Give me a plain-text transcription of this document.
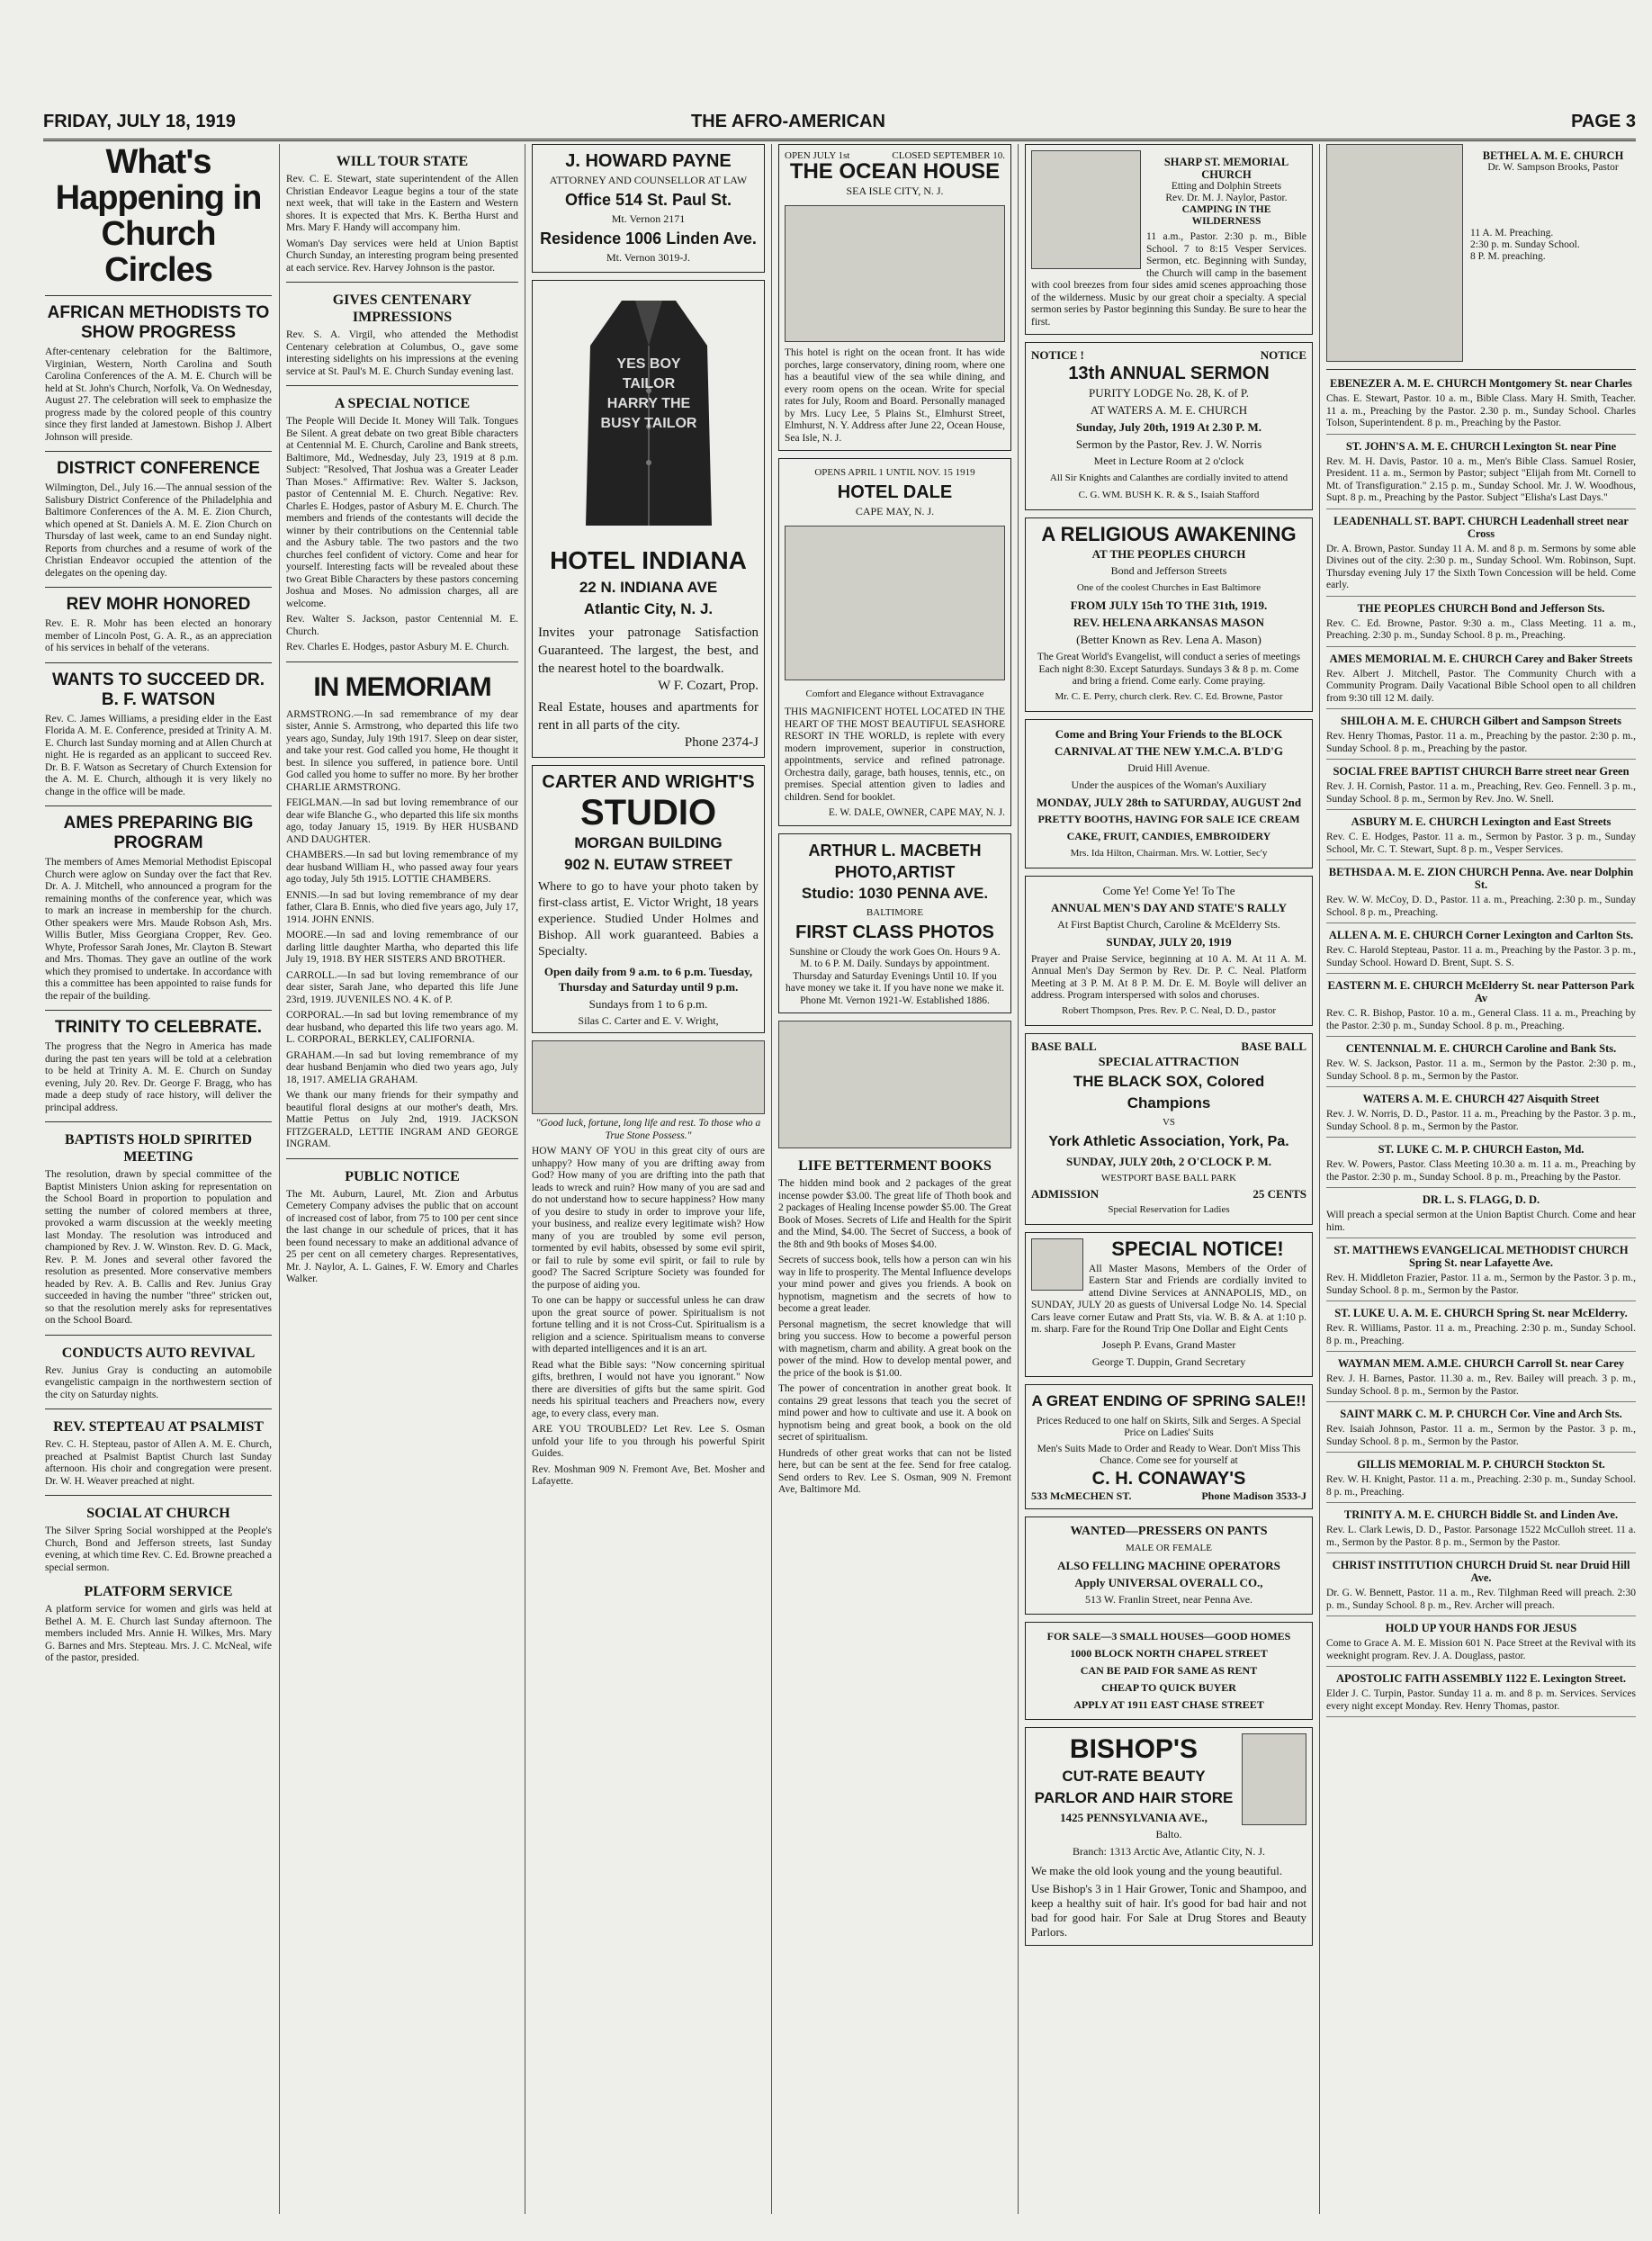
FRIDAY, JULY 18, 1919	THE AFRO-AMERICAN	PAGE 3
What's Happening in Church Circles
AFRICAN METHODISTS TO SHOW PROGRESS

After-centenary celebration for the Baltimore, Virginian, Western, North Carolina and South Carolina Conferences of the A. M. E. Church will be held at St. John's Church, Norfolk, Va. On Wednesday, August 27. The celebration will seek to emphasize the progress made by the colored people of this country since they first landed at Jamestown. Bishop J. Albert Johnson will preside.

DISTRICT CONFERENCE

Wilmington, Del., July 16.—The annual session of the Salisbury District Conference of the Philadelphia and Baltimore Conferences of the A. M. E. Zion Church, which opened at St. Daniels A. M. E. Zion Church on Thursday of last week, came to an end Sunday night. Reports from churches and a resume of work of the Christian Endeavor occupied the attention of the delegates on the opening day.

REV MOHR HONORED

Rev. E. R. Mohr has been elected an honorary member of Lincoln Post, G. A. R., as an appreciation of his services in behalf of the veterans.

WANTS TO SUCCEED DR. B. F. WATSON

Rev. C. James Williams, a presiding elder in the East Florida A. M. E. Conference, presided at Trinity A. M. E. Church last Sunday morning and at Allen Church at night. He is regarded as an applicant to succeed Rev. Dr. B. F. Watson as Secretary of Church Extension for the A. M. E. Church, although it is very likely no change in the office will be made.

AMES PREPARING BIG PROGRAM

The members of Ames Memorial Methodist Episcopal Church were aglow on Sunday over the fact that Rev. Dr. A. J. Mitchell, who announced a program for the remaining months of the conference year, which was to mark an increase in membership for the church. Other speakers were Mrs. Maude Robson Ash, Mrs. Willis Butler, Miss Georgiana Cropper, Rev. Geo. Whyte, Professor Sarah Jones, Mr. Clayton B. Stewart and Mrs. Thomas. They gave an outline of the work which they promised to undertake. In accordance with this a committee has been appointed to raise funds for the repair of the building.

TRINITY TO CELEBRATE.

The progress that the Negro in America has made during the past ten years will be told at a celebration to be held at Trinity A. M. E. Church on Sunday evening, July 20. Rev. Dr. George F. Bragg, who has made a deep study of race history, will deliver the principal address.

BAPTISTS HOLD SPIRITED MEETING

The resolution, drawn by special committee of the Baptist Ministers Union asking for representation on the School Board in proportion to population and setting the number of colored members at three, provoked a warm discussion at the weekly meeting last Monday. The resolution was introduced and championed by Rev. J. W. Winston. Rev. D. G. Mack, Rev. P. M. Jones and several other favored the resolution as presented. More conservative members headed by Rev. A. B. Callis and Rev. Junius Gray succeeded in having the number "three" stricken out, so that the resolution merely asks for representatives on the School Board.

CONDUCTS AUTO REVIVAL

Rev. Junius Gray is conducting an automobile evangelistic campaign in the northwestern section of the city on Saturday nights.

REV. STEPTEAU AT PSALMIST

Rev. C. H. Stepteau, pastor of Allen A. M. E. Church, preached at Psalmist Baptist Church last Sunday afternoon. His choir and congregation were present. Dr. W. H. Weaver preached at night.

SOCIAL AT CHURCH

The Silver Spring Social worshipped at the People's Church, Bond and Jefferson streets, last Sunday evening, at which time Rev. C. Ed. Browne preached a special sermon.

PLATFORM SERVICE

A platform service for women and girls was held at Bethel A. M. E. Church last Sunday afternoon. The members included Mrs. Annie H. Wilkes, Mrs. Mary G. Barnes and Mrs. Stepteau. Mrs. J. C. McNeal, wife of the pastor, presided.

WILL TOUR STATE

Rev. C. E. Stewart, state superintendent of the Allen Christian Endeavor League begins a tour of the state next week, that will take in the Eastern and Western shores. It is expected that Mrs. K. Bertha Hurst and Mrs. Mary F. Handy will accompany him.

Woman's Day services were held at Union Baptist Church Sunday, an interesting program being presented at each service. Rev. Harvey Johnson is the pastor.

GIVES CENTENARY IMPRESSIONS

Rev. S. A. Virgil, who attended the Methodist Centenary celebration at Columbus, O., gave some interesting sidelights on his impressions at the evening service at St. Paul's M. E. Church Sunday evening last.

A SPECIAL NOTICE

The People Will Decide It. Money Will Talk. Tongues Be Silent. A great debate on two great Bible characters at Centennial M. E. Church, Caroline and Bank streets, Baltimore, Md., Wednesday, July 23, 1919 at 8 p.m. Subject: "Resolved, That Joshua was a Greater Leader Than Moses." Affirmative: Rev. Walter S. Jackson, pastor of Centennial M. E. Church. Negative: Rev. Charles E. Hodges, pastor of Asbury M. E. Church. The members and friends of the contestants will decide the winner by their contributions on the Centennial table and the Asbury table. The two pastors and the two churches feel confident of victory. Come and hear for yourself. Interesting facts will be revealed about these two Great Bible Characters by these pastors concerning Joshua and Moses. No admission charges, all are welcome.

Rev. Walter S. Jackson, pastor Centennial M. E. Church.

Rev. Charles E. Hodges, pastor Asbury M. E. Church.

IN MEMORIAM

ARMSTRONG.—In sad remembrance of my dear sister, Annie S. Armstrong, who departed this life two years ago, Sunday, July 19th 1917. Sleep on dear sister, and take your rest. God called you home, He thought it best. In silence you suffered, in patience bore. Until God called you home to suffer no more. By her brother CHARLIE ARMSTRONG.

FEIGLMAN.—In sad but loving remembrance of our dear wife Blanche G., who departed this life six months ago, today January 15, 1919. By HER HUSBAND AND DAUGHTER.

CHAMBERS.—In sad but loving remembrance of my dear husband William H., who passed away four years ago today, July 5th 1915. LOTTIE CHAMBERS.

ENNIS.—In sad but loving remembrance of my dear father, Clara B. Ennis, who died five years ago, July 17, 1914. JOHN ENNIS.

MOORE.—In sad and loving remembrance of our darling little daughter Martha, who departed this life July 19, 1918. BY HER SISTERS AND BROTHER.

CARROLL.—In sad but loving remembrance of our dear sister, Sarah Jane, who departed this life June 23rd, 1919. JUVENILES NO. 4 K. of P.

CORPORAL.—In sad but loving remembrance of my dear husband, who departed this life two years ago. M. L. CORPORAL, BERKLEY, CALIFORNIA.

GRAHAM.—In sad but loving remembrance of my dear husband Benjamin who died two years ago, July 18, 1917. AMELIA GRAHAM.

We thank our many friends for their sympathy and beautiful floral designs at our mother's death, Mrs. Mattie Pettus on July 2nd, 1919. JACKSON FITZGERALD, LETTIE INGRAM AND GEORGE INGRAM.

PUBLIC NOTICE

The Mt. Auburn, Laurel, Mt. Zion and Arbutus Cemetery Company advises the public that on account of increased cost of labor, from 75 to 100 per cent since the last change in our schedule of prices, that it has been found necessary to make an additional advance of 25 per cent on all cemetery charges. Representatives, Mr. J. Naylor, A. L. Gaines, F. W. Emory and Charles Walker.

J. HOWARD PAYNE
ATTORNEY AND COUNSELLOR AT LAW
Office 514 St. Paul St.
Mt. Vernon 2171
Residence 1006 Linden Ave.
Mt. Vernon 3019-J.
YES BOY TAILOR HARRY THE BUSY TAILOR
HOTEL INDIANA
22 N. INDIANA AVE
Atlantic City, N. J.

Invites your patronage Satisfaction Guaranteed. The largest, the best, and the nearest hotel to the boardwalk.

W F. Cozart, Prop.

Real Estate, houses and apartments for rent in all parts of the city.

Phone 2374-J
CARTER AND WRIGHT'S
STUDIO
MORGAN BUILDING
902 N. EUTAW STREET

Where to go to have your photo taken by first-class artist, E. Victor Wright, 18 years experience. Studied Under Holmes and Bishop. All work guaranteed. Babies a Specialty.

Open daily from 9 a.m. to 6 p.m. Tuesday, Thursday and Saturday until 9 p.m.

Sundays from 1 to 6 p.m.

Silas C. Carter and E. V. Wright,

"Good luck, fortune, long life and rest. To those who a True Stone Possess."

HOW MANY OF YOU in this great city of ours are unhappy? How many of you are drifting away from God? How many of you are drifting into the path that leads to wreck and ruin? How many of you are sad and do not understand how to secure happiness? How many of you desire to study in order to improve your life, your business, and realize every legitimate wish? How many of you are troubled by some evil person, tormented by evil habits, obsessed by some evil spirit, or fail to rule by some evil spirit, or fail to rule by good? The Sacred Scripture Society was founded for the purpose of aiding you.

To one can be happy or successful unless he can draw upon the great source of power. Spiritualism is not fortune telling and it is not Cross-Cut. Spiritualism is a religion and a science. Spiritualism means to converse with departed intelligences and it is an art.

Read what the Bible says: "Now concerning spiritual gifts, brethren, I would not have you ignorant." Now there are diversities of gifts but the same spirit. God needs his spiritual teachers and Preachers now, every age, to every class, every man.

ARE YOU TROUBLED? Let Rev. Lee S. Osman unfold your life to you through his powerful Spirit Guides.

Rev. Moshman 909 N. Fremont Ave, Bet. Mosher and Lafayette.

OPEN JULY 1st	CLOSED SEPTEMBER 10.
THE OCEAN HOUSE
SEA ISLE CITY, N. J.

This hotel is right on the ocean front. It has wide porches, large conservatory, dining room, where one has a beautiful view of the sea while dining, and every room opens on the ocean. Write for special rates for July, Room and Board. Personally managed by Mrs. Lucy Lee, 5 Plains St., Elmhurst Street, Elmhurst, N. Y. Address after June 22, Ocean House, Sea Isle, N. J.

OPENS APRIL 1 UNTIL NOV. 15 1919
HOTEL DALE
CAPE MAY, N. J.
Comfort and Elegance without Extravagance

THIS MAGNIFICENT HOTEL LOCATED IN THE HEART OF THE MOST BEAUTIFUL SEASHORE RESORT IN THE WORLD, is replete with every modern improvement, superior in construction, appointments, service and refined patronage. Orchestra daily, garage, bath houses, tennis, etc., on premises. Special attention given to ladies and children. Send for booklet.

E. W. DALE, OWNER, CAPE MAY, N. J.

ARTHUR L. MACBETH
PHOTO,ARTIST
Studio: 1030 PENNA AVE.
BALTIMORE
FIRST CLASS PHOTOS

Sunshine or Cloudy the work Goes On. Hours 9 A. M. to 6 P. M. Daily. Sundays by appointment. Thursday and Saturday Evenings Until 10. If you have money we take it. If you have none we make it. Phone Mt. Vernon 1921-W. Established 1886.

LIFE BETTERMENT BOOKS

The hidden mind book and 2 packages of the great incense powder $3.00. The great life of Thoth book and 2 packages of Healing Incense powder $5.00. The Great Book of Moses. Secrets of Life and Health for the Spirit and the Mind, $4.00. The Secret of Success, a book of the 8th and 9th books of Moses $4.00.

Secrets of success book, tells how a person can win his way in life to prosperity. The Mental Influence develops your mind power and gives you friends. A book on hypnotism, magnetism and the secrets of how to become a great leader.

Personal magnetism, the secret knowledge that will bring you success. How to become a powerful person with magnetism, charm and ability. A great book on the power of the mind. How to develop mental power, and the price of the book is $1.00.

The power of concentration in another great book. It contains 29 great lessons that teach you the secret of mind power and how to cultivate and use it. A book on hypnotism being and great book, a book on the old secret of spiritualism.

Hundreds of other great works that can not be listed here, but can be sent at the fee. Send for free catalog. Send orders to Rev. Lee S. Osman, 909 N. Fremont Ave, Baltimore Md.

SHARP ST. MEMORIAL CHURCH
Etting and Dolphin Streets
Rev. Dr. M. J. Naylor, Pastor.
CAMPING IN THE WILDERNESS

11 a.m., Pastor. 2:30 p. m., Bible School. 7 to 8:15 Vesper Services. Sermon, etc. Beginning with Sunday, the Church will camp in the basement with cool breezes from four sides amid scenes approaching those of the wilderness. Music by our great choir a specialty. A special sermon series by Pastor beginning this Sunday. Be sure to hear the first.

NOTICE !	NOTICE
13th ANNUAL SERMON
PURITY LODGE No. 28, K. of P.
AT WATERS A. M. E. CHURCH
Sunday, July 20th, 1919 At 2.30 P. M.
Sermon by the Pastor, Rev. J. W. Norris
Meet in Lecture Room at 2 o'clock
All Sir Knights and Calanthes are cordially invited to attend
C. G. WM. BUSH K. R. & S., Isaiah Stafford
A RELIGIOUS AWAKENING
AT THE PEOPLES CHURCH
Bond and Jefferson Streets
One of the coolest Churches in East Baltimore
FROM JULY 15th TO THE 31th, 1919.
REV. HELENA ARKANSAS MASON
(Better Known as Rev. Lena A. Mason)

The Great World's Evangelist, will conduct a series of meetings Each night 8:30. Except Saturdays. Sundays 3 & 8 p. m. Come and bring a friend. Come early. Come praying.

Mr. C. E. Perry, church clerk. Rev. C. Ed. Browne, Pastor
Come and Bring Your Friends to the BLOCK CARNIVAL AT THE NEW Y.M.C.A. B'LD'G
Druid Hill Avenue.
Under the auspices of the Woman's Auxiliary
MONDAY, JULY 28th to SATURDAY, AUGUST 2nd
PRETTY BOOTHS, HAVING FOR SALE ICE CREAM CAKE, FRUIT, CANDIES, EMBROIDERY
Mrs. Ida Hilton, Chairman. Mrs. W. Lottier, Sec'y
Come Ye! Come Ye! To The
ANNUAL MEN'S DAY AND STATE'S RALLY
At First Baptist Church, Caroline & McElderry Sts.
SUNDAY, JULY 20, 1919

Prayer and Praise Service, beginning at 10 A. M. At 11 A. M. Annual Men's Day Sermon by Rev. Dr. P. C. Neal. Platform Meeting at 3 P. M. At 8 P. M. Dr. E. M. Boyle will deliver an address. Program interspersed with solos and choruses.

Robert Thompson, Pres. Rev. P. C. Neal, D. D., pastor
BASE BALL	BASE BALL
SPECIAL ATTRACTION
THE BLACK SOX, Colored Champions
VS
York Athletic Association, York, Pa.
SUNDAY, JULY 20th, 2 O'CLOCK P. M.
WESTPORT BASE BALL PARK
ADMISSION	25 CENTS
Special Reservation for Ladies
SPECIAL NOTICE!

All Master Masons, Members of the Order of Eastern Star and Friends are cordially invited to attend Divine Services at ANNAPOLIS, MD., on SUNDAY, JULY 20 as guests of Universal Lodge No. 14. Special Cars leave corner Eutaw and Pratt Sts, via. W. B. & A. at 1:10 p. m. sharp. Fare for the Round Trip One Dollar and Eight Cents

Joseph P. Evans, Grand Master
George T. Duppin, Grand Secretary
A GREAT ENDING OF SPRING SALE!!

Prices Reduced to one half on Skirts, Silk and Serges. A Special Price on Ladies' Suits

Men's Suits Made to Order and Ready to Wear. Don't Miss This Chance. Come see for yourself at

C. H. CONAWAY'S
533 McMECHEN ST.	Phone Madison 3533-J
WANTED—PRESSERS ON PANTS
MALE OR FEMALE
ALSO FELLING MACHINE OPERATORS
Apply UNIVERSAL OVERALL CO.,
513 W. Franlin Street, near Penna Ave.
FOR SALE—3 SMALL HOUSES—GOOD HOMES
1000 BLOCK NORTH CHAPEL STREET
CAN BE PAID FOR SAME AS RENT
CHEAP TO QUICK BUYER
APPLY AT 1911 EAST CHASE STREET
BISHOP'S
CUT-RATE BEAUTY PARLOR AND HAIR STORE
1425 PENNSYLVANIA AVE.,
Balto.
Branch: 1313 Arctic Ave, Atlantic City, N. J.

We make the old look young and the young beautiful.

Use Bishop's 3 in 1 Hair Grower, Tonic and Shampoo, and keep a healthy suit of hair. It's good for bad hair and not bad for good hair. For Sale at Drug Stores and Beauty Parlors.

BETHEL A. M. E. CHURCH
Dr. W. Sampson Brooks, Pastor
11 A. M. Preaching.
2:30 p. m. Sunday School.
8 P. M. preaching.
EBENEZER A. M. E. CHURCH Montgomery St. near Charles

Chas. E. Stewart, Pastor. 10 a. m., Bible Class. Mary H. Smith, Teacher. 11 a. m., Preaching by the Pastor. 2.30 p. m., Sunday School. Charles Tolson, Superintendent. 8 p. m., Preaching by the Pastor.

ST. JOHN'S A. M. E. CHURCH Lexington St. near Pine

Rev. M. H. Davis, Pastor. 10 a. m., Men's Bible Class. Samuel Rosier, President. 11 a. m., Sermon by Pastor; subject "Elijah from Mt. Cornell to Mt. of Transfiguration." 2.15 p. m., Sunday School. Mr. J. W. Woodhous, Supt. 8 p. m., Preaching by the Pastor. Subject "Elisha's Last Days."

LEADENHALL ST. BAPT. CHURCH Leadenhall street near Cross

Dr. A. Brown, Pastor. Sunday 11 A. M. and 8 p. m. Sermons by some able Divines out of the city. 2:30 p. m., Sunday School. Wm. Robinson, Supt. Thursday evening July 17 the Sixth Town Concession will be held. Come early.

THE PEOPLES CHURCH Bond and Jefferson Sts.

Rev. C. Ed. Browne, Pastor. 9:30 a. m., Class Meeting. 11 a. m., Preaching. 2:30 p. m., Sunday School. 8 p. m., Preaching.

AMES MEMORIAL M. E. CHURCH Carey and Baker Streets

Rev. Albert J. Mitchell, Pastor. The Community Church with a Community Program. Daily Vacational Bible School open to all children from 9:30 till 12 M. daily.

SHILOH A. M. E. CHURCH Gilbert and Sampson Streets

Rev. Henry Thomas, Pastor. 11 a. m., Preaching by the pastor. 2:30 p. m., Sunday School. 8 p. m., Preaching by the pastor.

SOCIAL FREE BAPTIST CHURCH Barre street near Green

Rev. J. H. Cornish, Pastor. 11 a. m., Preaching, Rev. Geo. Fennell. 3 p. m., Sunday School. 8 p. m., Sermon by Rev. Jno. W. Snell.

ASBURY M. E. CHURCH Lexington and East Streets

Rev. C. E. Hodges, Pastor. 11 a. m., Sermon by Pastor. 3 p. m., Sunday School, Mr. C. T. Stewart, Supt. 8 p. m., Vesper Services.

BETHSDA A. M. E. ZION CHURCH Penna. Ave. near Dolphin St.

Rev. W. W. McCoy, D. D., Pastor. 11 a. m., Preaching. 2:30 p. m., Sunday School. 8 p. m., Preaching.

ALLEN A. M. E. CHURCH Corner Lexington and Carlton Sts.

Rev. C. Harold Stepteau, Pastor. 11 a. m., Preaching by the Pastor. 3 p. m., Sunday School. Howard D. Brent, Supt. S. S.

EASTERN M. E. CHURCH McElderry St. near Patterson Park Av

Rev. C. R. Bishop, Pastor. 10 a. m., General Class. 11 a. m., Preaching by the Pastor. 2:30 p. m., Sunday School. 8 p. m., Preaching.

CENTENNIAL M. E. CHURCH Caroline and Bank Sts.

Rev. W. S. Jackson, Pastor. 11 a. m., Sermon by the Pastor. 2:30 p. m., Sunday School. 8 p. m., Sermon by the Pastor.

WATERS A. M. E. CHURCH 427 Aisquith Street

Rev. J. W. Norris, D. D., Pastor. 11 a. m., Preaching by the Pastor. 3 p. m., Sunday School. 8 p. m., Sermon by the Pastor.

ST. LUKE C. M. P. CHURCH Easton, Md.

Rev. W. Powers, Pastor. Class Meeting 10.30 a. m. 11 a. m., Preaching by the Pastor. 2:30 p. m., Sunday School. 8 p. m., Preaching by the Pastor.

DR. L. S. FLAGG, D. D.

Will preach a special sermon at the Union Baptist Church. Come and hear him.

ST. MATTHEWS EVANGELICAL METHODIST CHURCH Spring St. near Lafayette Ave.

Rev. H. Middleton Frazier, Pastor. 11 a. m., Sermon by the Pastor. 3 p. m., Sunday School. 8 p. m., Sermon by the Pastor.

ST. LUKE U. A. M. E. CHURCH Spring St. near McElderry.

Rev. R. Williams, Pastor. 11 a. m., Preaching. 2:30 p. m., Sunday School. 8 p. m., Preaching.

WAYMAN MEM. A.M.E. CHURCH Carroll St. near Carey

Rev. J. H. Barnes, Pastor. 11.30 a. m., Rev. Bailey will preach. 3 p. m., Sunday School. 8 p. m., Sermon by the Pastor.

SAINT MARK C. M. P. CHURCH Cor. Vine and Arch Sts.

Rev. Isaiah Johnson, Pastor. 11 a. m., Sermon by the Pastor. 3 p. m., Sunday School. 8 p. m., Sermon by the Pastor.

GILLIS MEMORIAL M. P. CHURCH Stockton St.

Rev. W. H. Knight, Pastor. 11 a. m., Preaching. 2:30 p. m., Sunday School. 8 p. m., Preaching.

TRINITY A. M. E. CHURCH Biddle St. and Linden Ave.

Rev. L. Clark Lewis, D. D., Pastor. Parsonage 1522 McCulloh street. 11 a. m., Sermon by the Pastor. 8 p. m., Sermon by the Pastor.

CHRIST INSTITUTION CHURCH Druid St. near Druid Hill Ave.

Dr. G. W. Bennett, Pastor. 11 a. m., Rev. Tilghman Reed will preach. 2:30 p. m., Sunday School. 8 p. m., Rev. Archer will preach.

HOLD UP YOUR HANDS FOR JESUS

Come to Grace A. M. E. Mission 601 N. Pace Street at the Revival with its weeknight program. Rev. J. A. Douglass, pastor.

APOSTOLIC FAITH ASSEMBLY 1122 E. Lexington Street.

Elder J. C. Turpin, Pastor. Sunday 11 a. m. and 8 p. m. Services. Services every night except Monday. Rev. Henry Thomas, pastor.
